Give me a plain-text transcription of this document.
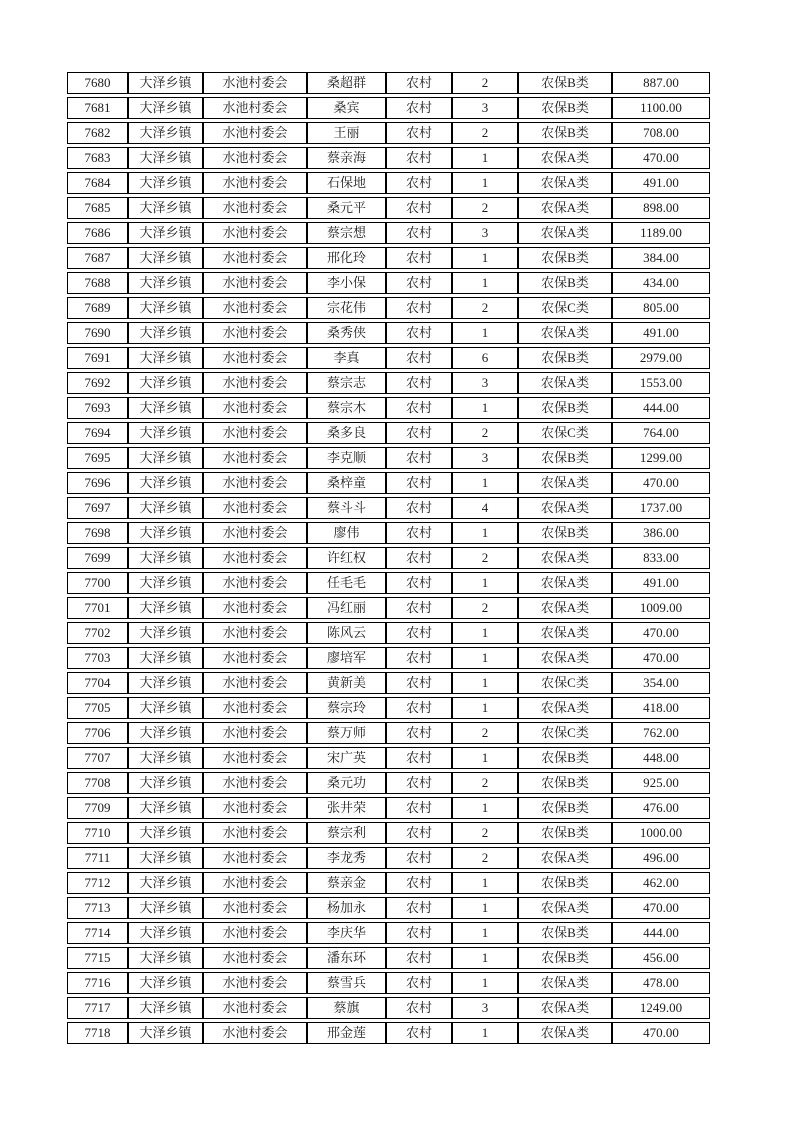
7680	大泽乡镇	水池村委会	桑超群	农村	2	农保B类	887.00
7681	大泽乡镇	水池村委会	桑宾	农村	3	农保B类	1100.00
7682	大泽乡镇	水池村委会	王丽	农村	2	农保B类	708.00
7683	大泽乡镇	水池村委会	蔡亲海	农村	1	农保A类	470.00
7684	大泽乡镇	水池村委会	石保地	农村	1	农保A类	491.00
7685	大泽乡镇	水池村委会	桑元平	农村	2	农保A类	898.00
7686	大泽乡镇	水池村委会	蔡宗想	农村	3	农保A类	1189.00
7687	大泽乡镇	水池村委会	邢化玲	农村	1	农保B类	384.00
7688	大泽乡镇	水池村委会	李小保	农村	1	农保B类	434.00
7689	大泽乡镇	水池村委会	宗花伟	农村	2	农保C类	805.00
7690	大泽乡镇	水池村委会	桑秀侠	农村	1	农保A类	491.00
7691	大泽乡镇	水池村委会	李真	农村	6	农保B类	2979.00
7692	大泽乡镇	水池村委会	蔡宗志	农村	3	农保A类	1553.00
7693	大泽乡镇	水池村委会	蔡宗木	农村	1	农保B类	444.00
7694	大泽乡镇	水池村委会	桑多良	农村	2	农保C类	764.00
7695	大泽乡镇	水池村委会	李克顺	农村	3	农保B类	1299.00
7696	大泽乡镇	水池村委会	桑梓童	农村	1	农保A类	470.00
7697	大泽乡镇	水池村委会	蔡斗斗	农村	4	农保A类	1737.00
7698	大泽乡镇	水池村委会	廖伟	农村	1	农保B类	386.00
7699	大泽乡镇	水池村委会	许红权	农村	2	农保A类	833.00
7700	大泽乡镇	水池村委会	任毛毛	农村	1	农保A类	491.00
7701	大泽乡镇	水池村委会	冯红丽	农村	2	农保A类	1009.00
7702	大泽乡镇	水池村委会	陈风云	农村	1	农保A类	470.00
7703	大泽乡镇	水池村委会	廖培军	农村	1	农保A类	470.00
7704	大泽乡镇	水池村委会	黄新美	农村	1	农保C类	354.00
7705	大泽乡镇	水池村委会	蔡宗玲	农村	1	农保A类	418.00
7706	大泽乡镇	水池村委会	蔡万师	农村	2	农保C类	762.00
7707	大泽乡镇	水池村委会	宋广英	农村	1	农保B类	448.00
7708	大泽乡镇	水池村委会	桑元功	农村	2	农保B类	925.00
7709	大泽乡镇	水池村委会	张井荣	农村	1	农保B类	476.00
7710	大泽乡镇	水池村委会	蔡宗利	农村	2	农保B类	1000.00
7711	大泽乡镇	水池村委会	李龙秀	农村	2	农保A类	496.00
7712	大泽乡镇	水池村委会	蔡亲金	农村	1	农保B类	462.00
7713	大泽乡镇	水池村委会	杨加永	农村	1	农保A类	470.00
7714	大泽乡镇	水池村委会	李庆华	农村	1	农保B类	444.00
7715	大泽乡镇	水池村委会	潘东环	农村	1	农保B类	456.00
7716	大泽乡镇	水池村委会	蔡雪兵	农村	1	农保A类	478.00
7717	大泽乡镇	水池村委会	蔡旗	农村	3	农保A类	1249.00
7718	大泽乡镇	水池村委会	邢金莲	农村	1	农保A类	470.00
